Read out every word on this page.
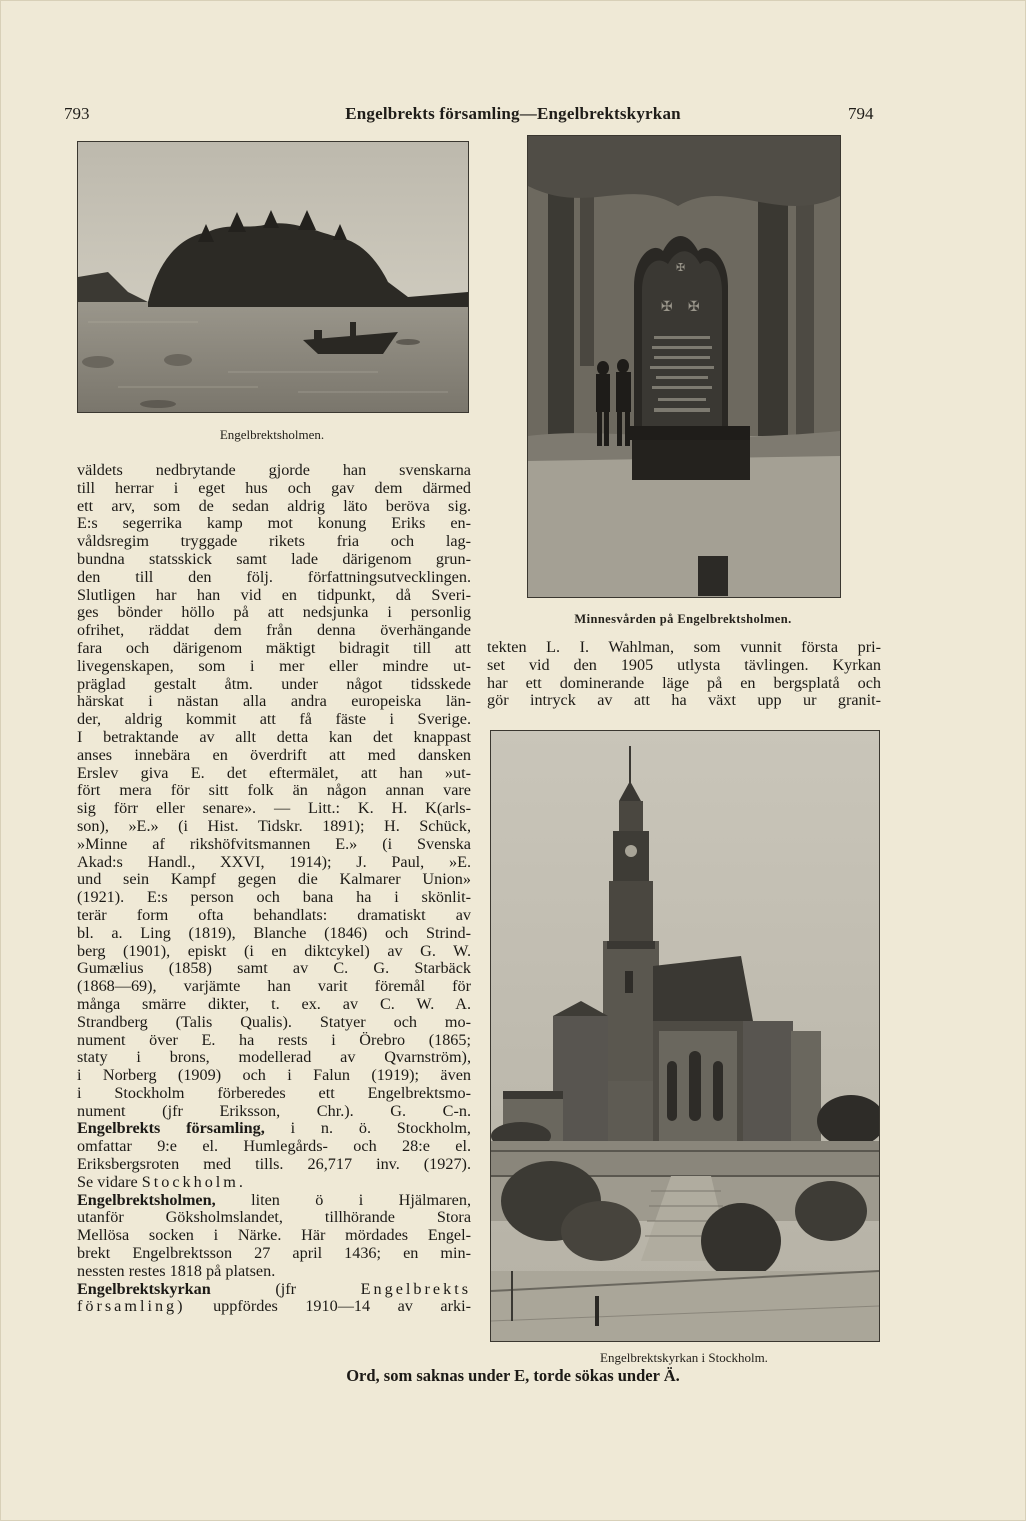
793	Engelbrekts församling—Engelbrektskyrkan	794
Engelbrektsholmen.
✠ ✠
✠
Minnesvården på Engelbrektsholmen.
tekten L. I. Wahlman, som vunnit första pri-
set vid den 1905 utlysta tävlingen. Kyrkan
har ett dominerande läge på en bergsplatå och
gör intryck av att ha växt upp ur granit-
Engelbrektskyrkan i Stockholm.
väldets nedbrytande gjorde han svenskarna
till herrar i eget hus och gav dem därmed
ett arv, som de sedan aldrig läto beröva sig.
E:s segerrika kamp mot konung Eriks en-
våldsregim tryggade rikets fria och lag-
bundna statsskick samt lade därigenom grun-
den till den följ. författningsutvecklingen.
Slutligen har han vid en tidpunkt, då Sveri-
ges bönder höllo på att nedsjunka i personlig
ofrihet, räddat dem från denna överhängande
fara och därigenom mäktigt bidragit till att
livegenskapen, som i mer eller mindre ut-
präglad gestalt åtm. under något tidsskede
härskat i nästan alla andra europeiska län-
der, aldrig kommit att få fäste i Sverige.
I betraktande av allt detta kan det knappast
anses innebära en överdrift att med dansken
Erslev giva E. det eftermälet, att han »ut-
fört mera för sitt folk än någon annan vare
sig förr eller senare». — Litt.: K. H. K(arls-
son), »E.» (i Hist. Tidskr. 1891); H. Schück,
»Minne af rikshöfvitsmannen E.» (i Svenska
Akad:s Handl., XXVI, 1914); J. Paul, »E.
und sein Kampf gegen die Kalmarer Union»
(1921). E:s person och bana ha i skönlit-
terär form ofta behandlats: dramatiskt av
bl. a. Ling (1819), Blanche (1846) och Strind-
berg (1901), episkt (i en diktcykel) av G. W.
Gumælius (1858) samt av C. G. Starbäck
(1868—69), varjämte han varit föremål för
många smärre dikter, t. ex. av C. W. A.
Strandberg (Talis Qualis). Statyer och mo-
nument över E. ha rests i Örebro (1865;
staty i brons, modellerad av Qvarnström),
i Norberg (1909) och i Falun (1919); även
i Stockholm förberedes ett Engelbrektsmo-
nument (jfr Eriksson, Chr.). G. C-n.
Engelbrekts församling, i n. ö. Stockholm,
omfattar 9:e el. Humlegårds- och 28:e el.
Eriksbergsroten med tills. 26,717 inv. (1927).
Se vidare Stockholm.
Engelbrektsholmen, liten ö i Hjälmaren,
utanför Göksholmslandet, tillhörande Stora
Mellösa socken i Närke. Här mördades Engel-
brekt Engelbrektsson 27 april 1436; en min-
nessten restes 1818 på platsen.
Engelbrektskyrkan (jfr Engelbrekts
församling) uppfördes 1910—14 av arki-
Ord, som saknas under E, torde sökas under Ä.
